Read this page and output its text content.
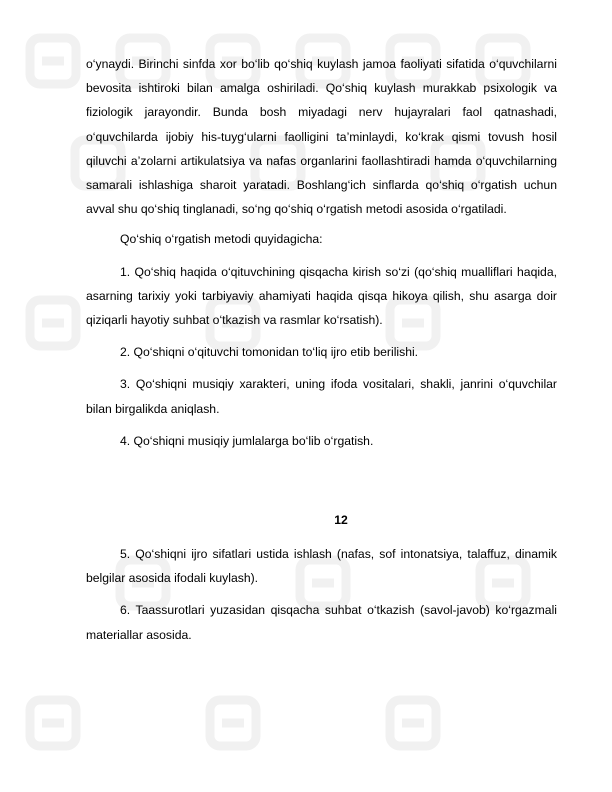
o‘ynaydi. Birinchi sinfda xor bo‘lib qo‘shiq kuylash jamoa faoliyati sifatida o‘quvchilarni bevosita ishtiroki bilan amalga oshiriladi. Qo‘shiq kuylash murakkab psixologik va fiziologik jarayondir. Bunda bosh miyadagi nerv hujayralari faol qatnashadi, o‘quvchilarda ijobiy his-tuyg‘ularni faolligini ta’minlaydi, ko‘krak qismi tovush hosil qiluvchi a’zolarni artikulatsiya va nafas organlarini faollashtiradi hamda o‘quvchilarning samarali ishlashiga sharoit yaratadi. Boshlang‘ich sinflarda qo‘shiq o‘rgatish uchun avval shu qo‘shiq tinglanadi, so‘ng qo‘shiq o‘rgatish metodi asosida o‘rgatiladi.

Qo‘shiq o‘rgatish metodi quyidagicha:

1. Qo‘shiq haqida o‘qituvchining qisqacha kirish so‘zi (qo‘shiq mualliflari haqida, asarning tarixiy yoki tarbiyaviy ahamiyati haqida qisqa hikoya qilish, shu asarga doir qiziqarli hayotiy suhbat o‘tkazish va rasmlar ko‘rsatish).

2. Qo‘shiqni o‘qituvchi tomonidan to‘liq ijro etib berilishi.

3. Qo‘shiqni musiqiy xarakteri, uning ifoda vositalari, shakli, janrini o‘quvchilar bilan birgalikda aniqlash.

4. Qo‘shiqni musiqiy jumlalarga bo‘lib o‘rgatish.

12

5. Qo‘shiqni ijro sifatlari ustida ishlash (nafas, sof intonatsiya, talaffuz, dinamik belgilar asosida ifodali kuylash).

6. Taassurotlari yuzasidan qisqacha suhbat o‘tkazish (savol-javob) ko‘rgazmali materiallar asosida.
